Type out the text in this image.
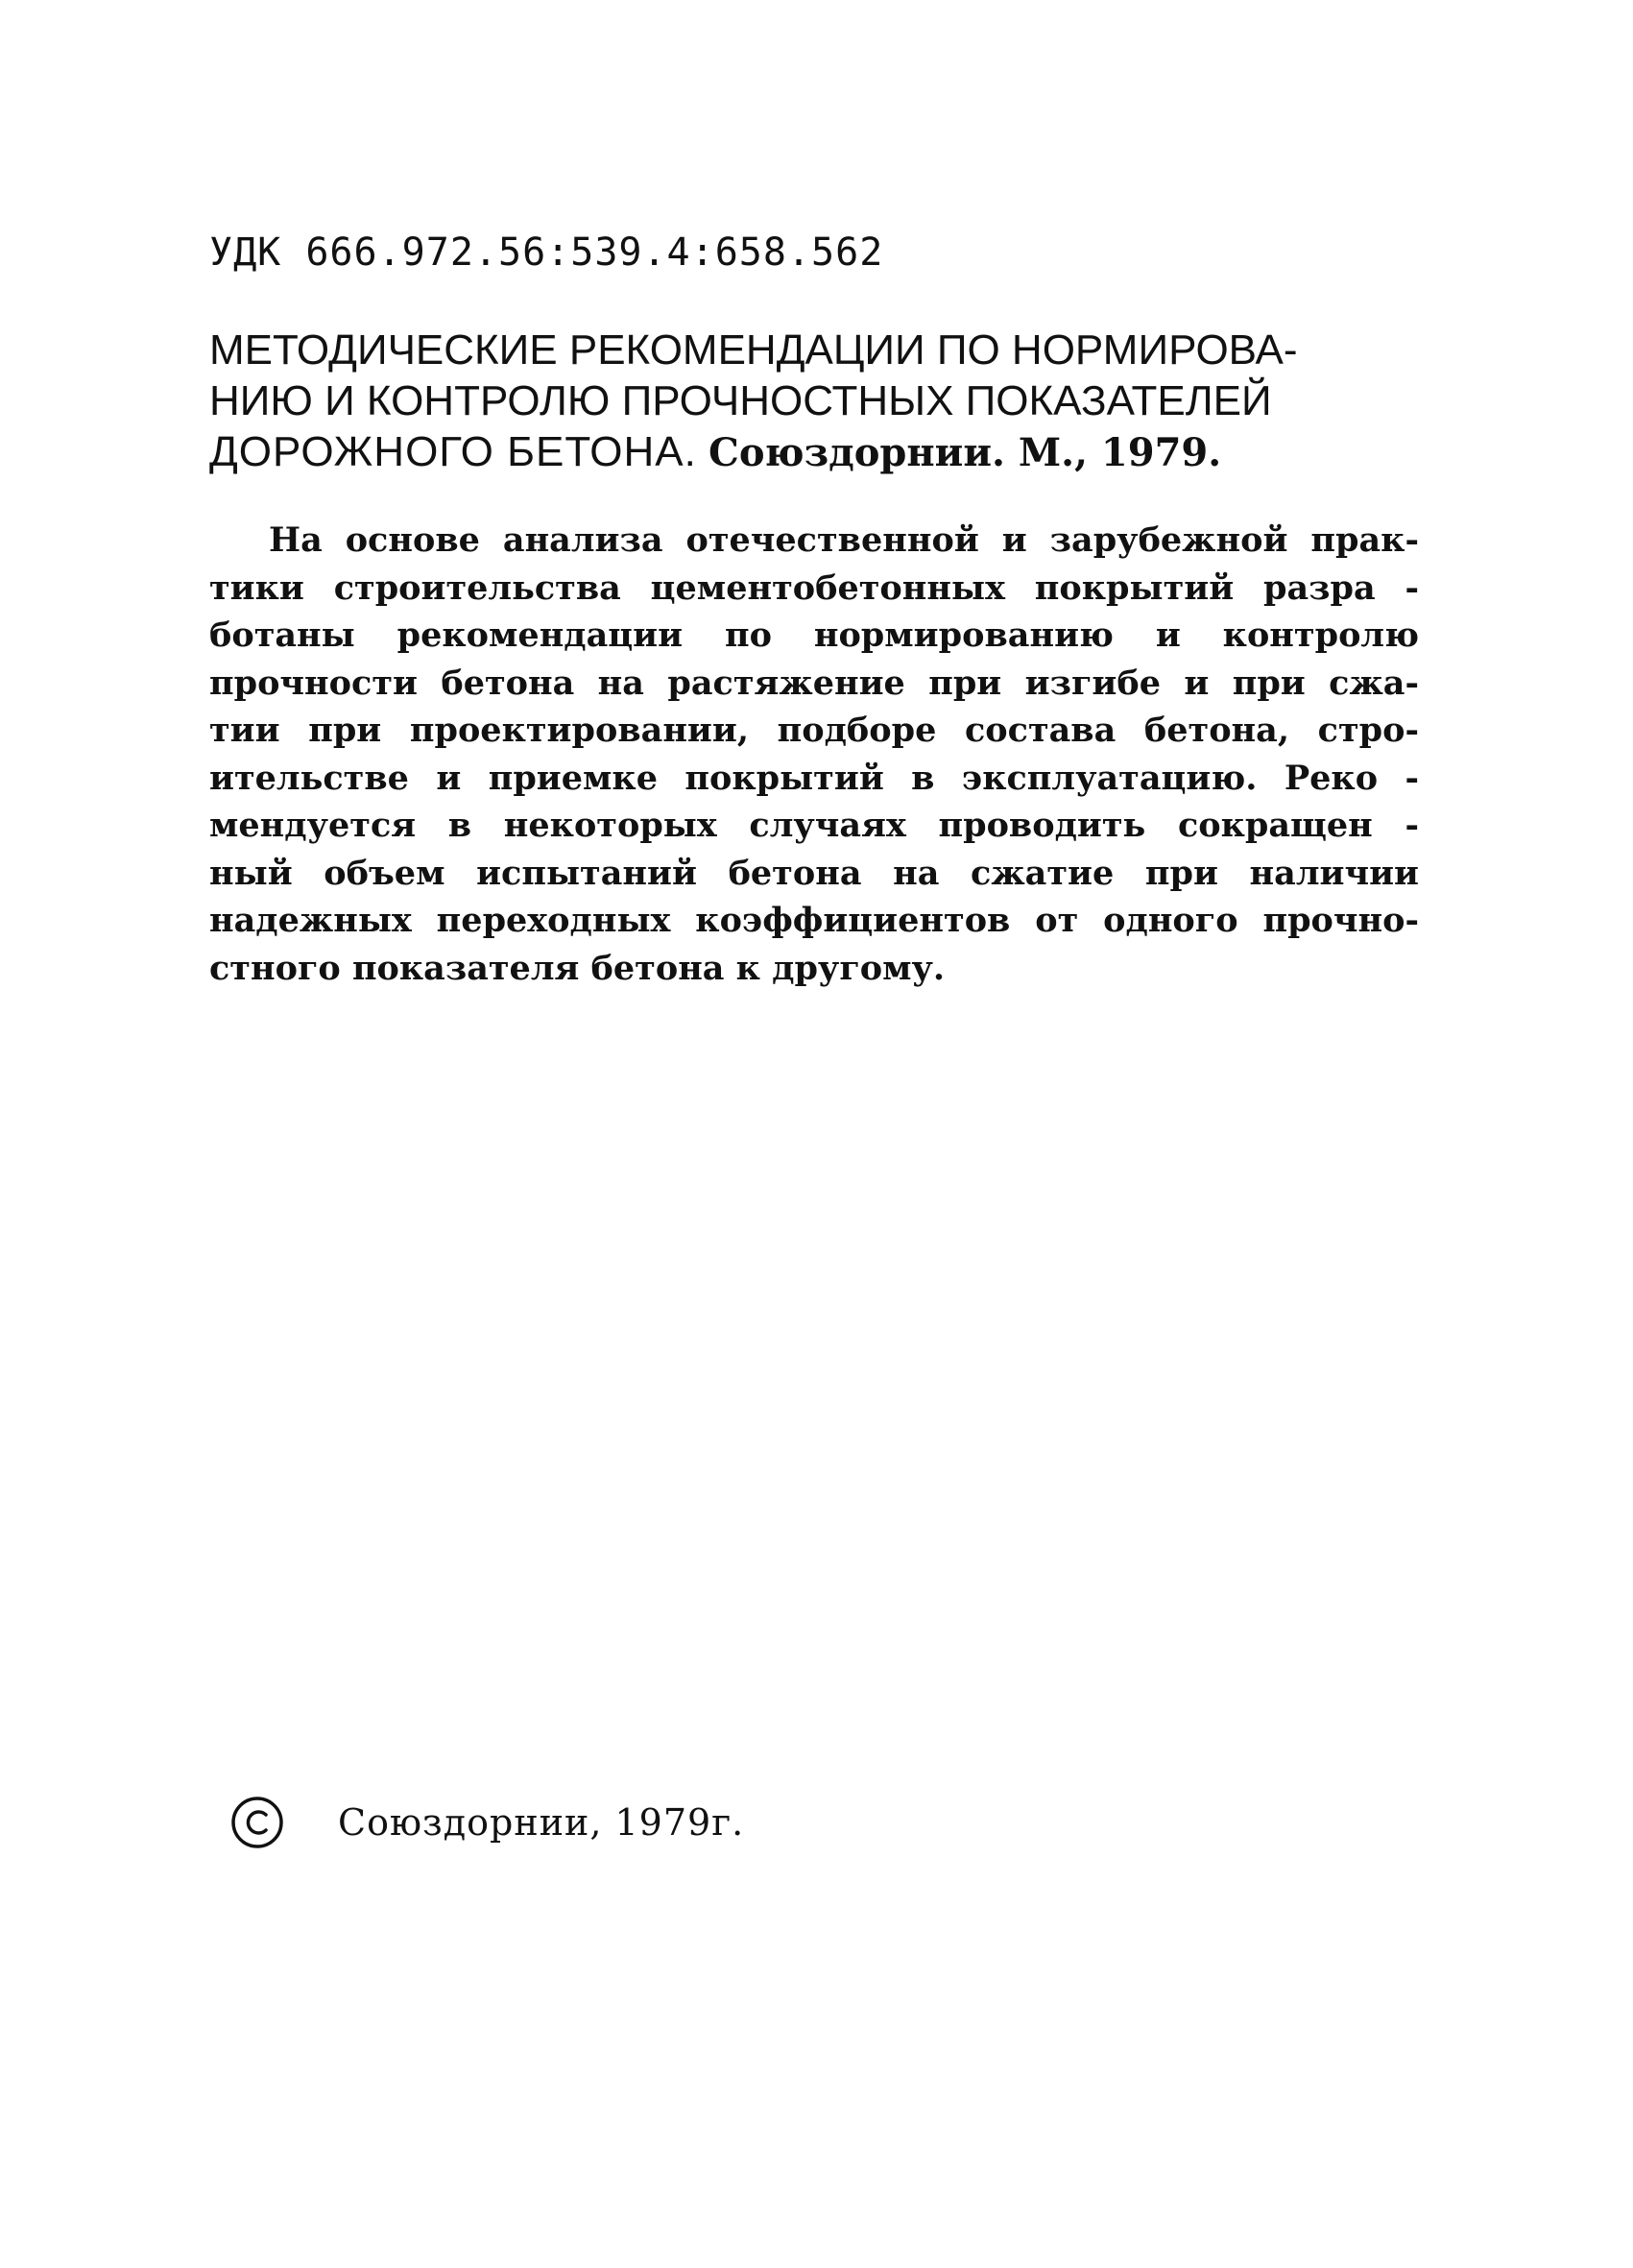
УДК 666.972.56:539.4:658.562
МЕТОДИЧЕСКИЕ РЕКОМЕНДАЦИИ ПО НОРМИРОВА-
НИЮ И КОНТРОЛЮ ПРОЧНОСТНЫХ ПОКАЗАТЕЛЕЙ
ДОРОЖНОГО БЕТОНА. Союздорнии. М., 1979.
На основе анализа отечественной и зарубежной прак-
тики строительства цементобетонных покрытий разра -
ботаны рекомендации по нормированию и контролю
прочности бетона на растяжение при изгибе и при сжа-
тии при проектировании, подборе состава бетона, стро-
ительстве и приемке покрытий в эксплуатацию. Реко -
мендуется в некоторых случаях проводить сокращен -
ный объем испытаний бетона на сжатие при наличии
надежных переходных коэффициентов от одного прочно-
стного показателя бетона к другому.
Союздорнии, 1979г.
